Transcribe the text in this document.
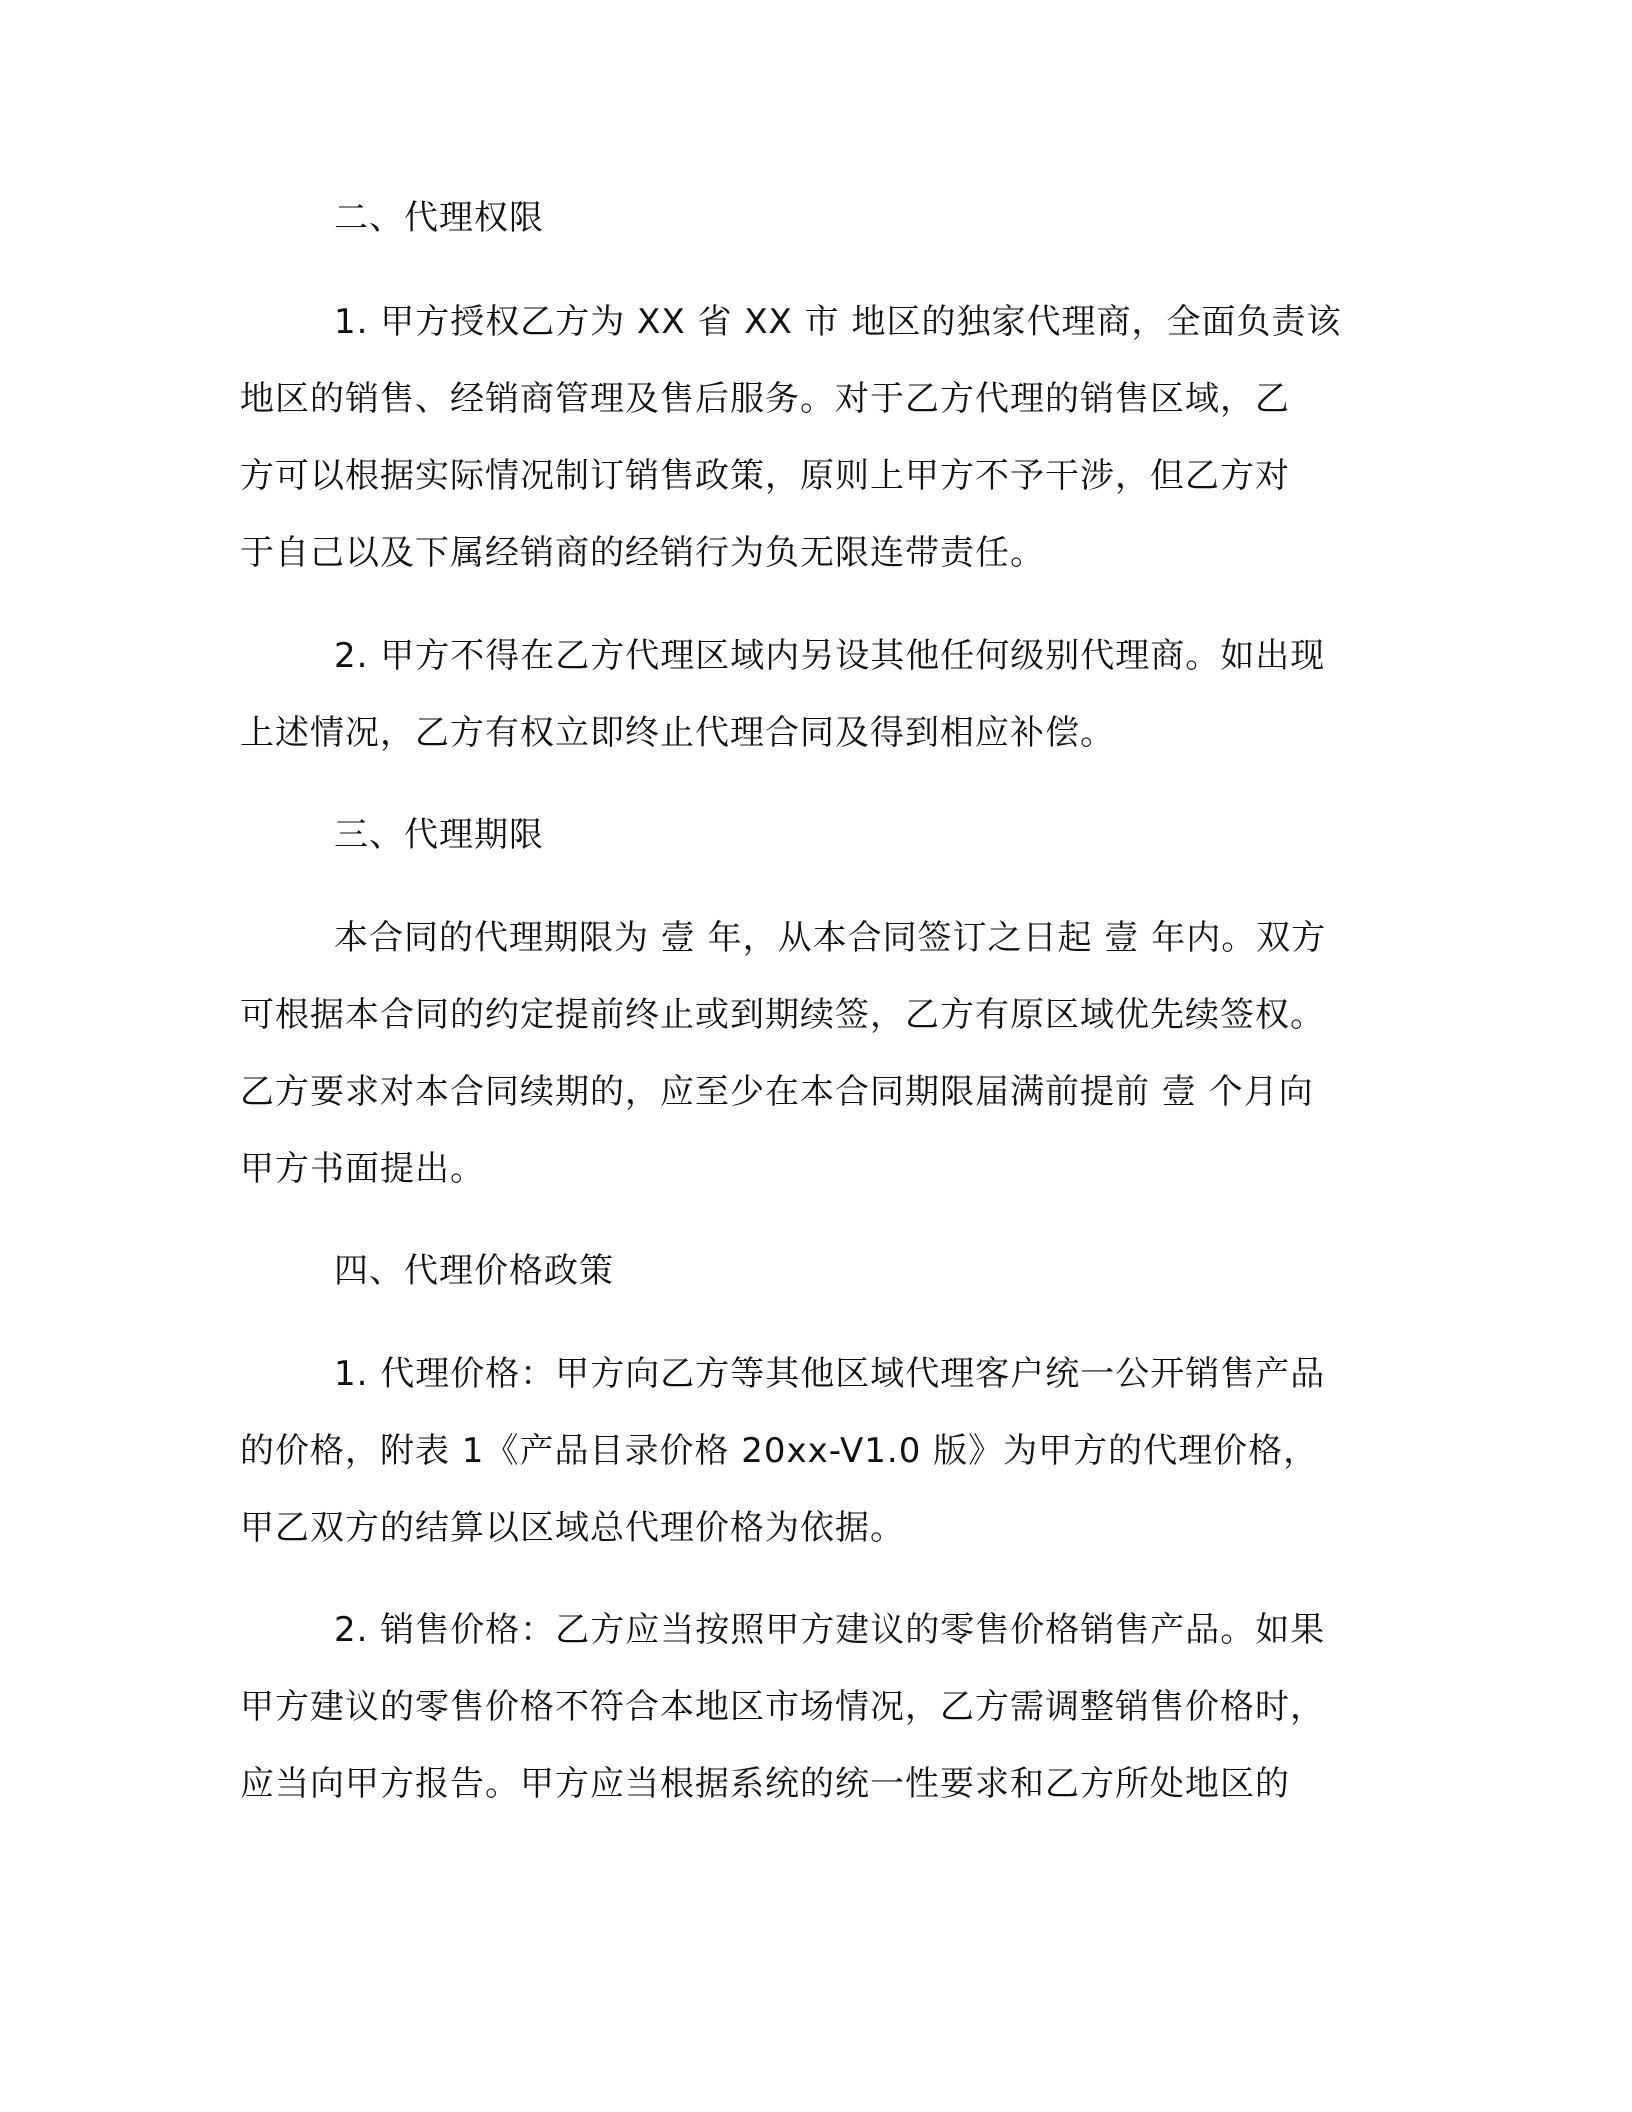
二、代理权限

1. 甲方授权乙方为 XX 省 XX 市 地区的独家代理商，全面负责该

地区的销售、经销商管理及售后服务。对于乙方代理的销售区域，乙

方可以根据实际情况制订销售政策，原则上甲方不予干涉，但乙方对

于自己以及下属经销商的经销行为负无限连带责任。

2. 甲方不得在乙方代理区域内另设其他任何级别代理商。如出现

上述情况，乙方有权立即终止代理合同及得到相应补偿。

三、代理期限

本合同的代理期限为 壹 年，从本合同签订之日起 壹 年内。双方

可根据本合同的约定提前终止或到期续签，乙方有原区域优先续签权。

乙方要求对本合同续期的，应至少在本合同期限届满前提前 壹 个月向

甲方书面提出。

四、代理价格政策

1. 代理价格：甲方向乙方等其他区域代理客户统一公开销售产品

的价格，附表 1《产品目录价格 20xx-V1.0 版》为甲方的代理价格，

甲乙双方的结算以区域总代理价格为依据。

2. 销售价格：乙方应当按照甲方建议的零售价格销售产品。如果

甲方建议的零售价格不符合本地区市场情况，乙方需调整销售价格时，

应当向甲方报告。甲方应当根据系统的统一性要求和乙方所处地区的
